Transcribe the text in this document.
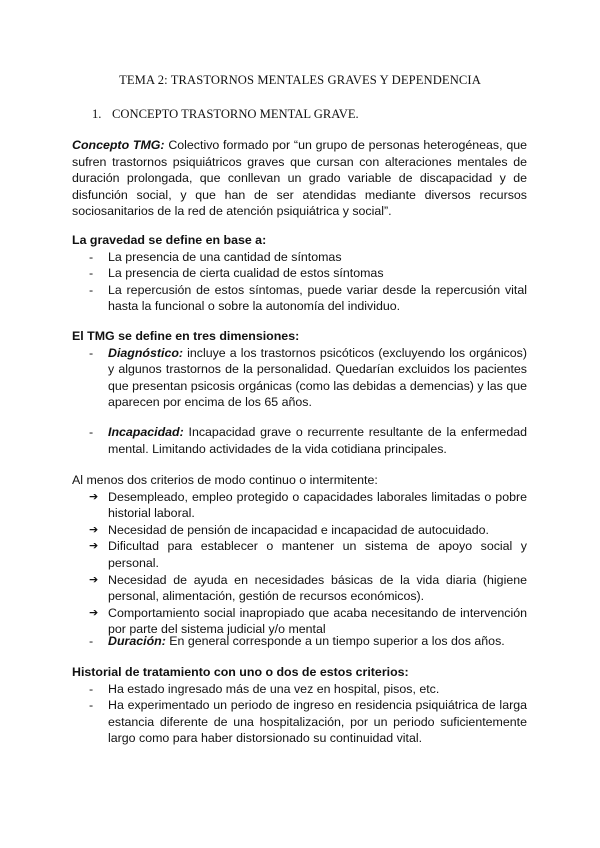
TEMA 2: TRASTORNOS MENTALES GRAVES Y DEPENDENCIA
1. CONCEPTO TRASTORNO MENTAL GRAVE.
Concepto TMG: Colectivo formado por “un grupo de personas heterogéneas, que sufren trastornos psiquiátricos graves que cursan con alteraciones mentales de duración prolongada, que conllevan un grado variable de discapacidad y de disfunción social, y que han de ser atendidas mediante diversos recursos sociosanitarios de la red de atención psiquiátrica y social”.
La gravedad se define en base a:
- La presencia de una cantidad de síntomas
- La presencia de cierta cualidad de estos síntomas
- La repercusión de estos síntomas, puede variar desde la repercusión vital hasta la funcional o sobre la autonomía del individuo.
El TMG se define en tres dimensiones:
- Diagnóstico: incluye a los trastornos psicóticos (excluyendo los orgánicos) y algunos trastornos de la personalidad. Quedarían excluidos los pacientes que presentan psicosis orgánicas (como las debidas a demencias) y las que aparecen por encima de los 65 años.
- Incapacidad: Incapacidad grave o recurrente resultante de la enfermedad mental. Limitando actividades de la vida cotidiana principales.
Al menos dos criterios de modo continuo o intermitente:
➔ Desempleado, empleo protegido o capacidades laborales limitadas o pobre historial laboral.
➔ Necesidad de pensión de incapacidad e incapacidad de autocuidado.
➔ Dificultad para establecer o mantener un sistema de apoyo social y personal.
➔ Necesidad de ayuda en necesidades básicas de la vida diaria (higiene personal, alimentación, gestión de recursos económicos).
➔ Comportamiento social inapropiado que acaba necesitando de intervención por parte del sistema judicial y/o mental
- Duración: En general corresponde a un tiempo superior a los dos años.
Historial de tratamiento con uno o dos de estos criterios:
- Ha estado ingresado más de una vez en hospital, pisos, etc.
- Ha experimentado un periodo de ingreso en residencia psiquiátrica de larga estancia diferente de una hospitalización, por un periodo suficientemente largo como para haber distorsionado su continuidad vital.
